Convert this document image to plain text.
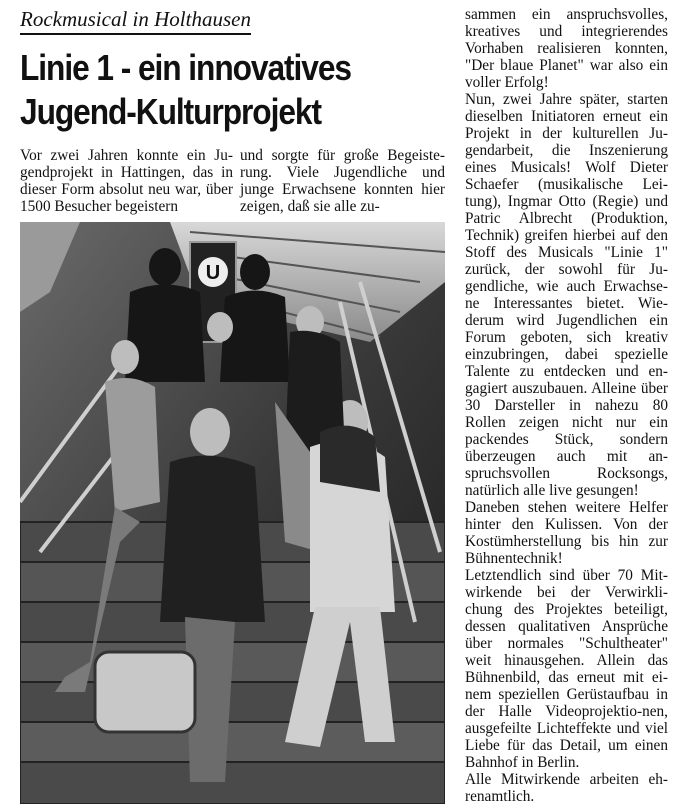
Rockmusical in Holthausen
Linie 1 - ein innovatives
Jugend-Kulturprojekt

Vor zwei Jahren konnte ein Ju-gendprojekt in Hattingen, das in dieser Form absolut neu war, über 1500 Besucher begeistern

und sorgte für große Begeiste-rung. Viele Jugendliche und junge Erwachsene konnten hier zeigen, daß sie alle zu-

U

sammen ein anspruchsvolles, kreatives und integrierendes Vorhaben realisieren konnten, "Der blaue Planet" war also ein voller Erfolg!

Nun, zwei Jahre später, starten dieselben Initiatoren erneut ein Projekt in der kulturellen Ju-gendarbeit, die Inszenierung eines Musicals! Wolf Dieter Schaefer (musikalische Lei-tung), Ingmar Otto (Regie) und Patric Albrecht (Produktion, Technik) greifen hierbei auf den Stoff des Musicals "Linie 1" zurück, der sowohl für Ju-gendliche, wie auch Erwachse-ne Interessantes bietet. Wie-derum wird Jugendlichen ein Forum geboten, sich kreativ einzubringen, dabei spezielle Talente zu entdecken und en-gagiert auszubauen. Alleine über 30 Darsteller in nahezu 80 Rollen zeigen nicht nur ein packendes Stück, sondern überzeugen auch mit an-spruchsvollen Rocksongs, natürlich alle live gesungen!

Daneben stehen weitere Helfer hinter den Kulissen. Von der Kostümherstellung bis hin zur Bühnentechnik!

Letztendlich sind über 70 Mit-wirkende bei der Verwirkli-chung des Projektes beteiligt, dessen qualitativen Ansprüche über normales "Schultheater" weit hinausgehen. Allein das Bühnenbild, das erneut mit ei-nem speziellen Gerüstaufbau in der Halle Videoprojektio-nen, ausgefeilte Lichteffekte und viel Liebe für das Detail, um einen Bahnhof in Berlin.

Alle Mitwirkende arbeiten eh-renamtlich.
